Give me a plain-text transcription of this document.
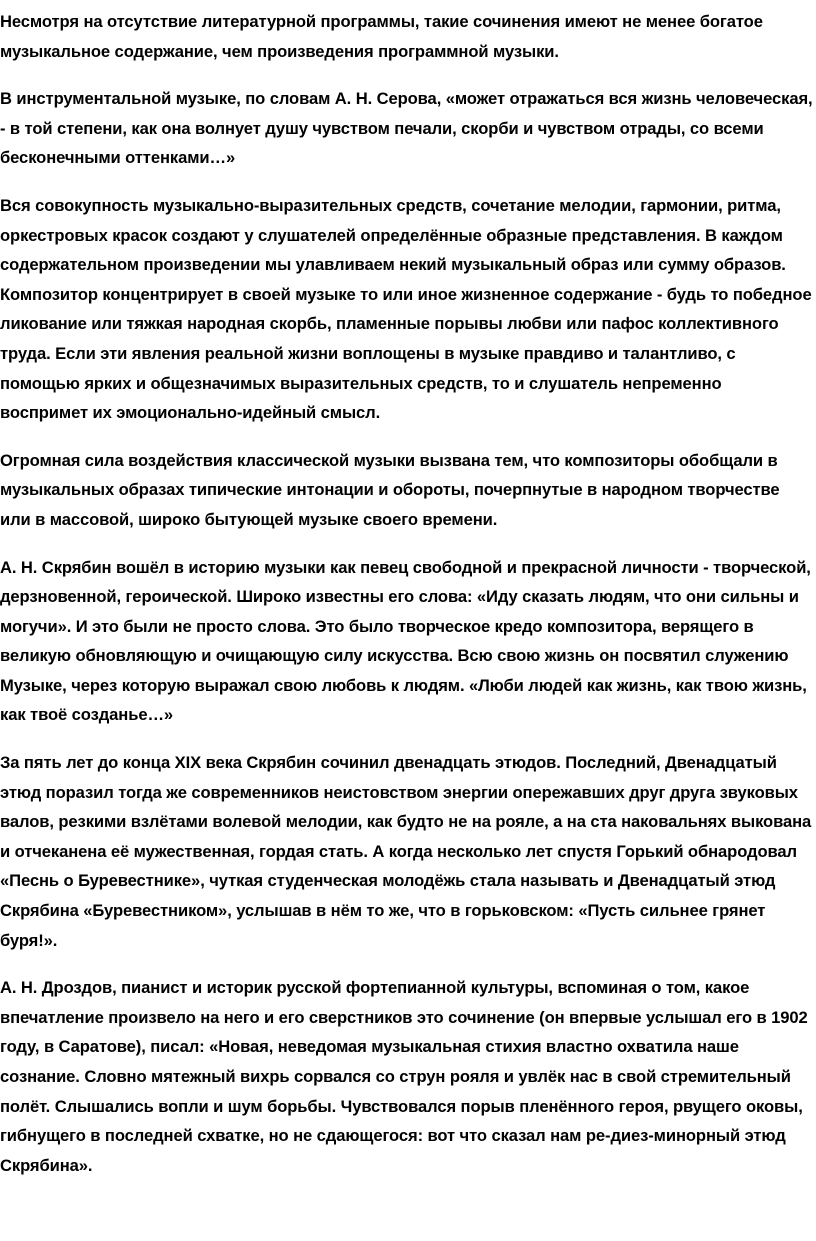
Несмотря на отсутствие литературной программы, такие сочинения имеют не менее богатое музыкальное содержание, чем произведения программной музыки.

В инструментальной музыке, по словам А. Н. Серова, «может отражаться вся жизнь человеческая, - в той степени, как она волнует душу чувством печали, скорби и чувством отрады, со всеми бесконечными оттенками…»

Вся совокупность музыкально-выразительных средств, сочетание мелодии, гармонии, ритма, оркестровых красок создают у слушателей определённые образные представления. В каждом содержательном произведении мы улавливаем некий музыкальный образ или сумму образов. Композитор концентрирует в своей музыке то или иное жизненное содержание - будь то победное ликование или тяжкая народная скорбь, пламенные порывы любви или пафос коллективного труда. Если эти явления реальной жизни воплощены в музыке правдиво и талантливо, с помощью ярких и общезначимых выразительных средств, то и слушатель непременно воспримет их эмоционально-идейный смысл.

Огромная сила воздействия классической музыки вызвана тем, что композиторы обобщали в музыкальных образах типические интонации и обороты, почерпнутые в народном творчестве или в массовой, широко бытующей музыке своего времени.

А. Н. Скрябин вошёл в историю музыки как певец свободной и прекрасной личности - творческой, дерзновенной, героической. Широко известны его слова: «Иду сказать людям, что они сильны и могучи». И это были не просто слова. Это было творческое кредо композитора, верящего в великую обновляющую и очищающую силу искусства. Всю свою жизнь он посвятил служению Музыке, через которую выражал свою любовь к людям. «Люби людей как жизнь, как твою жизнь, как твоё созданье…»

За пять лет до конца XIX века Скрябин сочинил двенадцать этюдов. Последний, Двенадцатый этюд поразил тогда же современников неистовством энергии опережавших друг друга звуковых валов, резкими взлётами волевой мелодии, как будто не на рояле, а на ста наковальнях выкована и отчеканена её мужественная, гордая стать. А когда несколько лет спустя Горький обнародовал «Песнь о Буревестнике», чуткая студенческая молодёжь стала называть и Двенадцатый этюд Скрябина «Буревестником», услышав в нём то же, что в горьковском: «Пусть сильнее грянет буря!».

А. Н. Дроздов, пианист и историк русской фортепианной культуры, вспоминая о том, какое впечатление произвело на него и его сверстников это сочинение (он впервые услышал его в 1902 году, в Саратове), писал: «Новая, неведомая музыкальная стихия властно охватила наше сознание. Словно мятежный вихрь сорвался со струн рояля и увлёк нас в свой стремительный полёт. Слышались вопли и шум борьбы. Чувствовался порыв пленённого героя, рвущего оковы, гибнущего в последней схватке, но не сдающегося: вот что сказал нам ре-диез-минорный этюд Скрябина».
